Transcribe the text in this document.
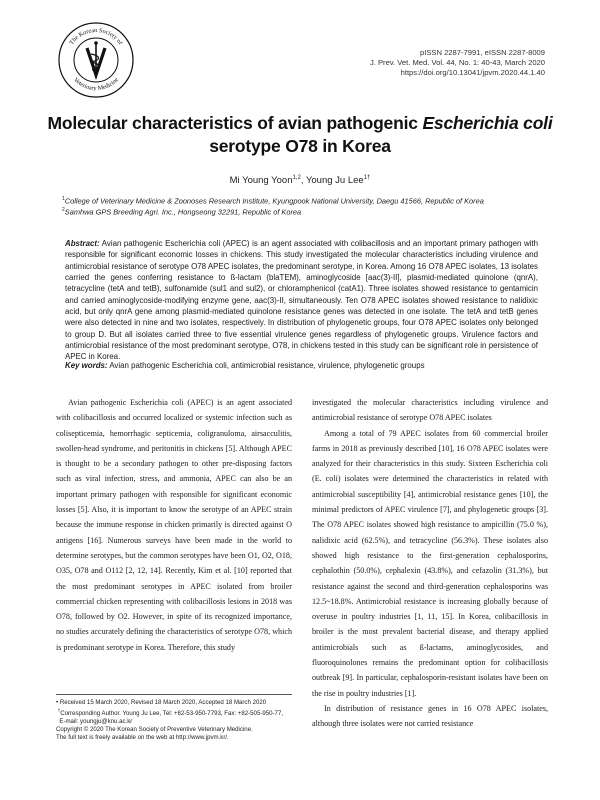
The Korean Society of
Veterinary Medicine
pISSN 2287-7991, eISSN 2287-8009
J. Prev. Vet. Med. Vol. 44, No. 1: 40-43, March 2020
https://doi.org/10.13041/jpvm.2020.44.1.40
Molecular characteristics of avian pathogenic Escherichia coli
serotype O78 in Korea
Mi Young Yoon$^{1,2}$, Young Ju Lee$^{1\dagger}$
$^1$College of Veterinary Medicine & Zoonoses Research Institute, Kyungpook National University, Daegu 41566, Republic of Korea
$^2$Samhwa GPS Breeding Agri. Inc., Hongseong 32291, Republic of Korea
Abstract: Avian pathogenic Escherichia coli (APEC) is an agent associated with colibacillosis and an important primary pathogen with responsible for significant economic losses in chickens. This study investigated the molecular characteristics including virulence and antimicrobial resistance of serotype O78 APEC isolates, the predominant serotype, in Korea. Among 16 O78 APEC isolates, 13 isolates carried the genes conferring resistance to ß-lactam (blaTEM), aminoglycoside [aac(3)-II], plasmid-mediated quinolone (qnrA), tetracycline (tetA and tetB), sulfonamide (sul1 and sul2), or chloramphenicol (catA1). Three isolates showed resistance to gentamicin and carried aminoglycoside-modifying enzyme gene, aac(3)-II, simultaneously. Ten O78 APEC isolates showed resistance to nalidixic acid, but only qnrA gene among plasmid-mediated quinolone resistance genes was detected in one isolate. The tetA and tetB genes were also detected in nine and two isolates, respectively. In distribution of phylogenetic groups, four O78 APEC isolates only belonged to group D. But all isolates carried three to five essential virulence genes regardless of phylogenetic groups. Virulence factors and antimicrobial resistance of the most predominant serotype, O78, in chickens tested in this study can be significant role in persistence of APEC in Korea.
Key words: Avian pathogenic Escherichia coli, antimicrobial resistance, virulence, phylogenetic groups

Avian pathogenic Escherichia coli (APEC) is an agent associated with colibacillosis and occurred localized or systemic infection such as colisepticemia, hemorrhagic septicemia, coligranuloma, airsacculitis, swollen-head syndrome, and peritonitis in chickens [5]. Although APEC is thought to be a secondary pathogen to other pre-disposing factors such as viral infection, stress, and ammonia, APEC can also be an important primary pathogen with responsible for significant economic losses [5]. Also, it is important to know the serotype of an APEC strain because the immune response in chicken primarily is directed against O antigens [16]. Numerous surveys have been made in the world to determine serotypes, but the common serotypes have been O1, O2, O18, O35, O78 and O112 [2, 12, 14]. Recently, Kim et al. [10] reported that the most predominant serotypes in APEC isolated from broiler commercial chicken representing with colibacillosis lesions in 2018 was O78, followed by O2. However, in spite of its recognized importance, no studies accurately defining the characteristics of serotype O78, which is predominant serotype in Korea. Therefore, this study

investigated the molecular characteristics including virulence and antimicrobial resistance of serotype O78 APEC isolates

Among a total of 79 APEC isolates from 60 commercial broiler farms in 2018 as previously described [10], 16 O78 APEC isolates were analyzed for their characteristics in this study. Sixteen Escherichia coli (E. coli) isolates were determined the characteristics in related with antimicrobial susceptibility [4], antimicrobial resistance genes [10], the minimal predictors of APEC virulence [7], and phylogenetic groups [3]. The O78 APEC isolates showed high resistance to ampicillin (75.0 %), nalidixic acid (62.5%), and tetracycline (56.3%). These isolates also showed high resistance to the first-generation cephalosporins, cephalothin (50.0%), cephalexin (43.8%), and cefazolin (31.3%), but resistance against the second and third-generation cephalosporins was 12.5~18.8%. Antimicrobial resistance is increasing globally because of overuse in poultry industries [1, 11, 15]. In Korea, colibacillosis in broiler is the most prevalent bacterial disease, and therapy applied antimicrobials such as ß-lactams, aminoglycosides, and fluoroquinolones remains the predominant option for colibacillosis outbreak [9]. In particular, cephalosporin-resistant isolates have been on the rise in poultry industries [1].

In distribution of resistance genes in 16 O78 APEC isolates, although three isolates were not carried resistance

• Received 15 March 2020, Revised 18 March 2020, Accepted 18 March 2020
†Corresponding Author. Young Ju Lee, Tel: +82-53-950-7793, Fax: +82-505-950-77,
E-mail: youngju@knu.ac.kr
Copyright © 2020 The Korean Society of Preventive Veterinary Medicine.
The full text is freely available on the web at http://www.jpvm.kr/.
